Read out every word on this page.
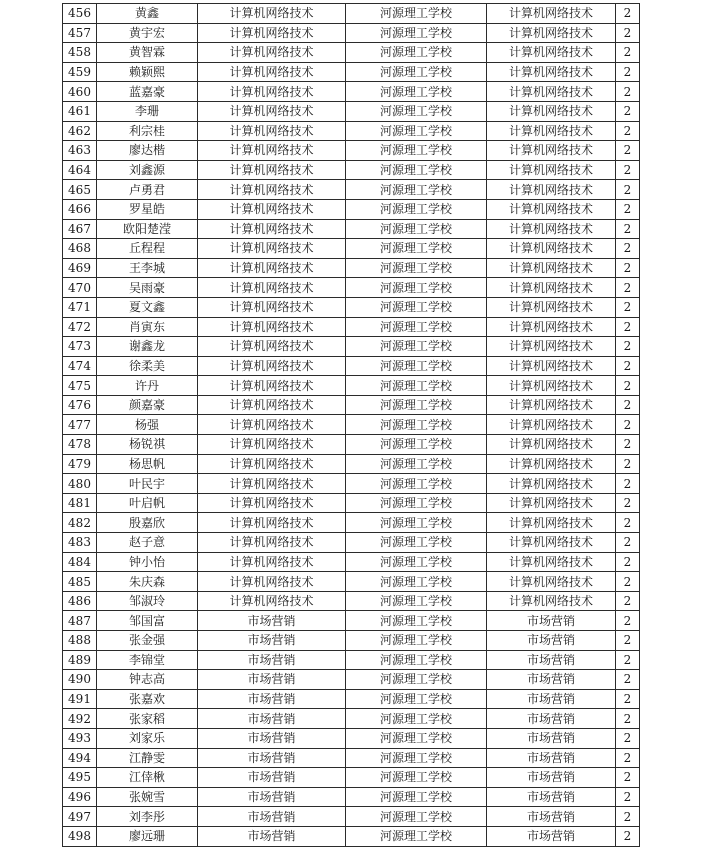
456	黄鑫	计算机网络技术	河源理工学校	计算机网络技术	2
457	黄宇宏	计算机网络技术	河源理工学校	计算机网络技术	2
458	黄智霖	计算机网络技术	河源理工学校	计算机网络技术	2
459	赖颖熙	计算机网络技术	河源理工学校	计算机网络技术	2
460	蓝嘉豪	计算机网络技术	河源理工学校	计算机网络技术	2
461	李珊	计算机网络技术	河源理工学校	计算机网络技术	2
462	利宗桂	计算机网络技术	河源理工学校	计算机网络技术	2
463	廖达楷	计算机网络技术	河源理工学校	计算机网络技术	2
464	刘鑫源	计算机网络技术	河源理工学校	计算机网络技术	2
465	卢勇君	计算机网络技术	河源理工学校	计算机网络技术	2
466	罗星皓	计算机网络技术	河源理工学校	计算机网络技术	2
467	欧阳楚滢	计算机网络技术	河源理工学校	计算机网络技术	2
468	丘程程	计算机网络技术	河源理工学校	计算机网络技术	2
469	王李城	计算机网络技术	河源理工学校	计算机网络技术	2
470	吴雨豪	计算机网络技术	河源理工学校	计算机网络技术	2
471	夏文鑫	计算机网络技术	河源理工学校	计算机网络技术	2
472	肖寅东	计算机网络技术	河源理工学校	计算机网络技术	2
473	谢鑫龙	计算机网络技术	河源理工学校	计算机网络技术	2
474	徐柔美	计算机网络技术	河源理工学校	计算机网络技术	2
475	许丹	计算机网络技术	河源理工学校	计算机网络技术	2
476	颜嘉豪	计算机网络技术	河源理工学校	计算机网络技术	2
477	杨强	计算机网络技术	河源理工学校	计算机网络技术	2
478	杨锐祺	计算机网络技术	河源理工学校	计算机网络技术	2
479	杨思帆	计算机网络技术	河源理工学校	计算机网络技术	2
480	叶民宇	计算机网络技术	河源理工学校	计算机网络技术	2
481	叶启帆	计算机网络技术	河源理工学校	计算机网络技术	2
482	殷嘉欣	计算机网络技术	河源理工学校	计算机网络技术	2
483	赵子意	计算机网络技术	河源理工学校	计算机网络技术	2
484	钟小怡	计算机网络技术	河源理工学校	计算机网络技术	2
485	朱庆森	计算机网络技术	河源理工学校	计算机网络技术	2
486	邹淑玲	计算机网络技术	河源理工学校	计算机网络技术	2
487	邹国富	市场营销	河源理工学校	市场营销	2
488	张金强	市场营销	河源理工学校	市场营销	2
489	李锦堂	市场营销	河源理工学校	市场营销	2
490	钟志高	市场营销	河源理工学校	市场营销	2
491	张嘉欢	市场营销	河源理工学校	市场营销	2
492	张家稻	市场营销	河源理工学校	市场营销	2
493	刘家乐	市场营销	河源理工学校	市场营销	2
494	江静雯	市场营销	河源理工学校	市场营销	2
495	江倖楸	市场营销	河源理工学校	市场营销	2
496	张婉雪	市场营销	河源理工学校	市场营销	2
497	刘李彤	市场营销	河源理工学校	市场营销	2
498	廖远珊	市场营销	河源理工学校	市场营销	2
